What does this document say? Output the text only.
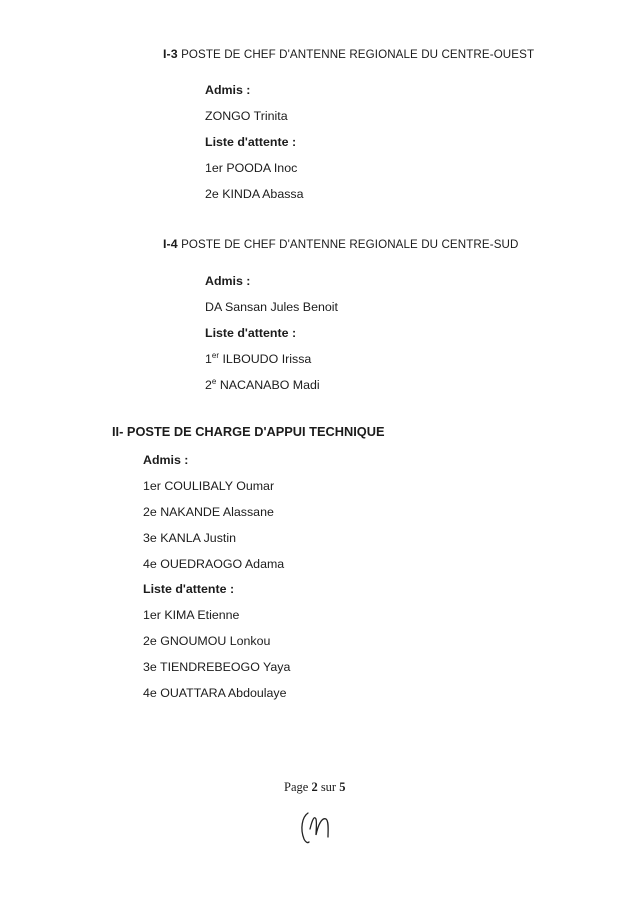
I-3 POSTE DE CHEF D'ANTENNE REGIONALE DU CENTRE-OUEST
Admis :
ZONGO Trinita
Liste d'attente :
1er POODA Inoc
2e KINDA Abassa
I-4 POSTE DE CHEF D'ANTENNE REGIONALE DU CENTRE-SUD
Admis :
DA Sansan Jules Benoit
Liste d'attente :
1er ILBOUDO Irissa
2e NACANABO Madi
II- POSTE DE CHARGE D'APPUI TECHNIQUE
Admis :
1er COULIBALY Oumar
2e NAKANDE Alassane
3e KANLA Justin
4e OUEDRAOGO Adama
Liste d'attente :
1er KIMA Etienne
2e GNOUMOU Lonkou
3e TIENDREBEOGO Yaya
4e OUATTARA Abdoulaye
Page 2 sur 5
